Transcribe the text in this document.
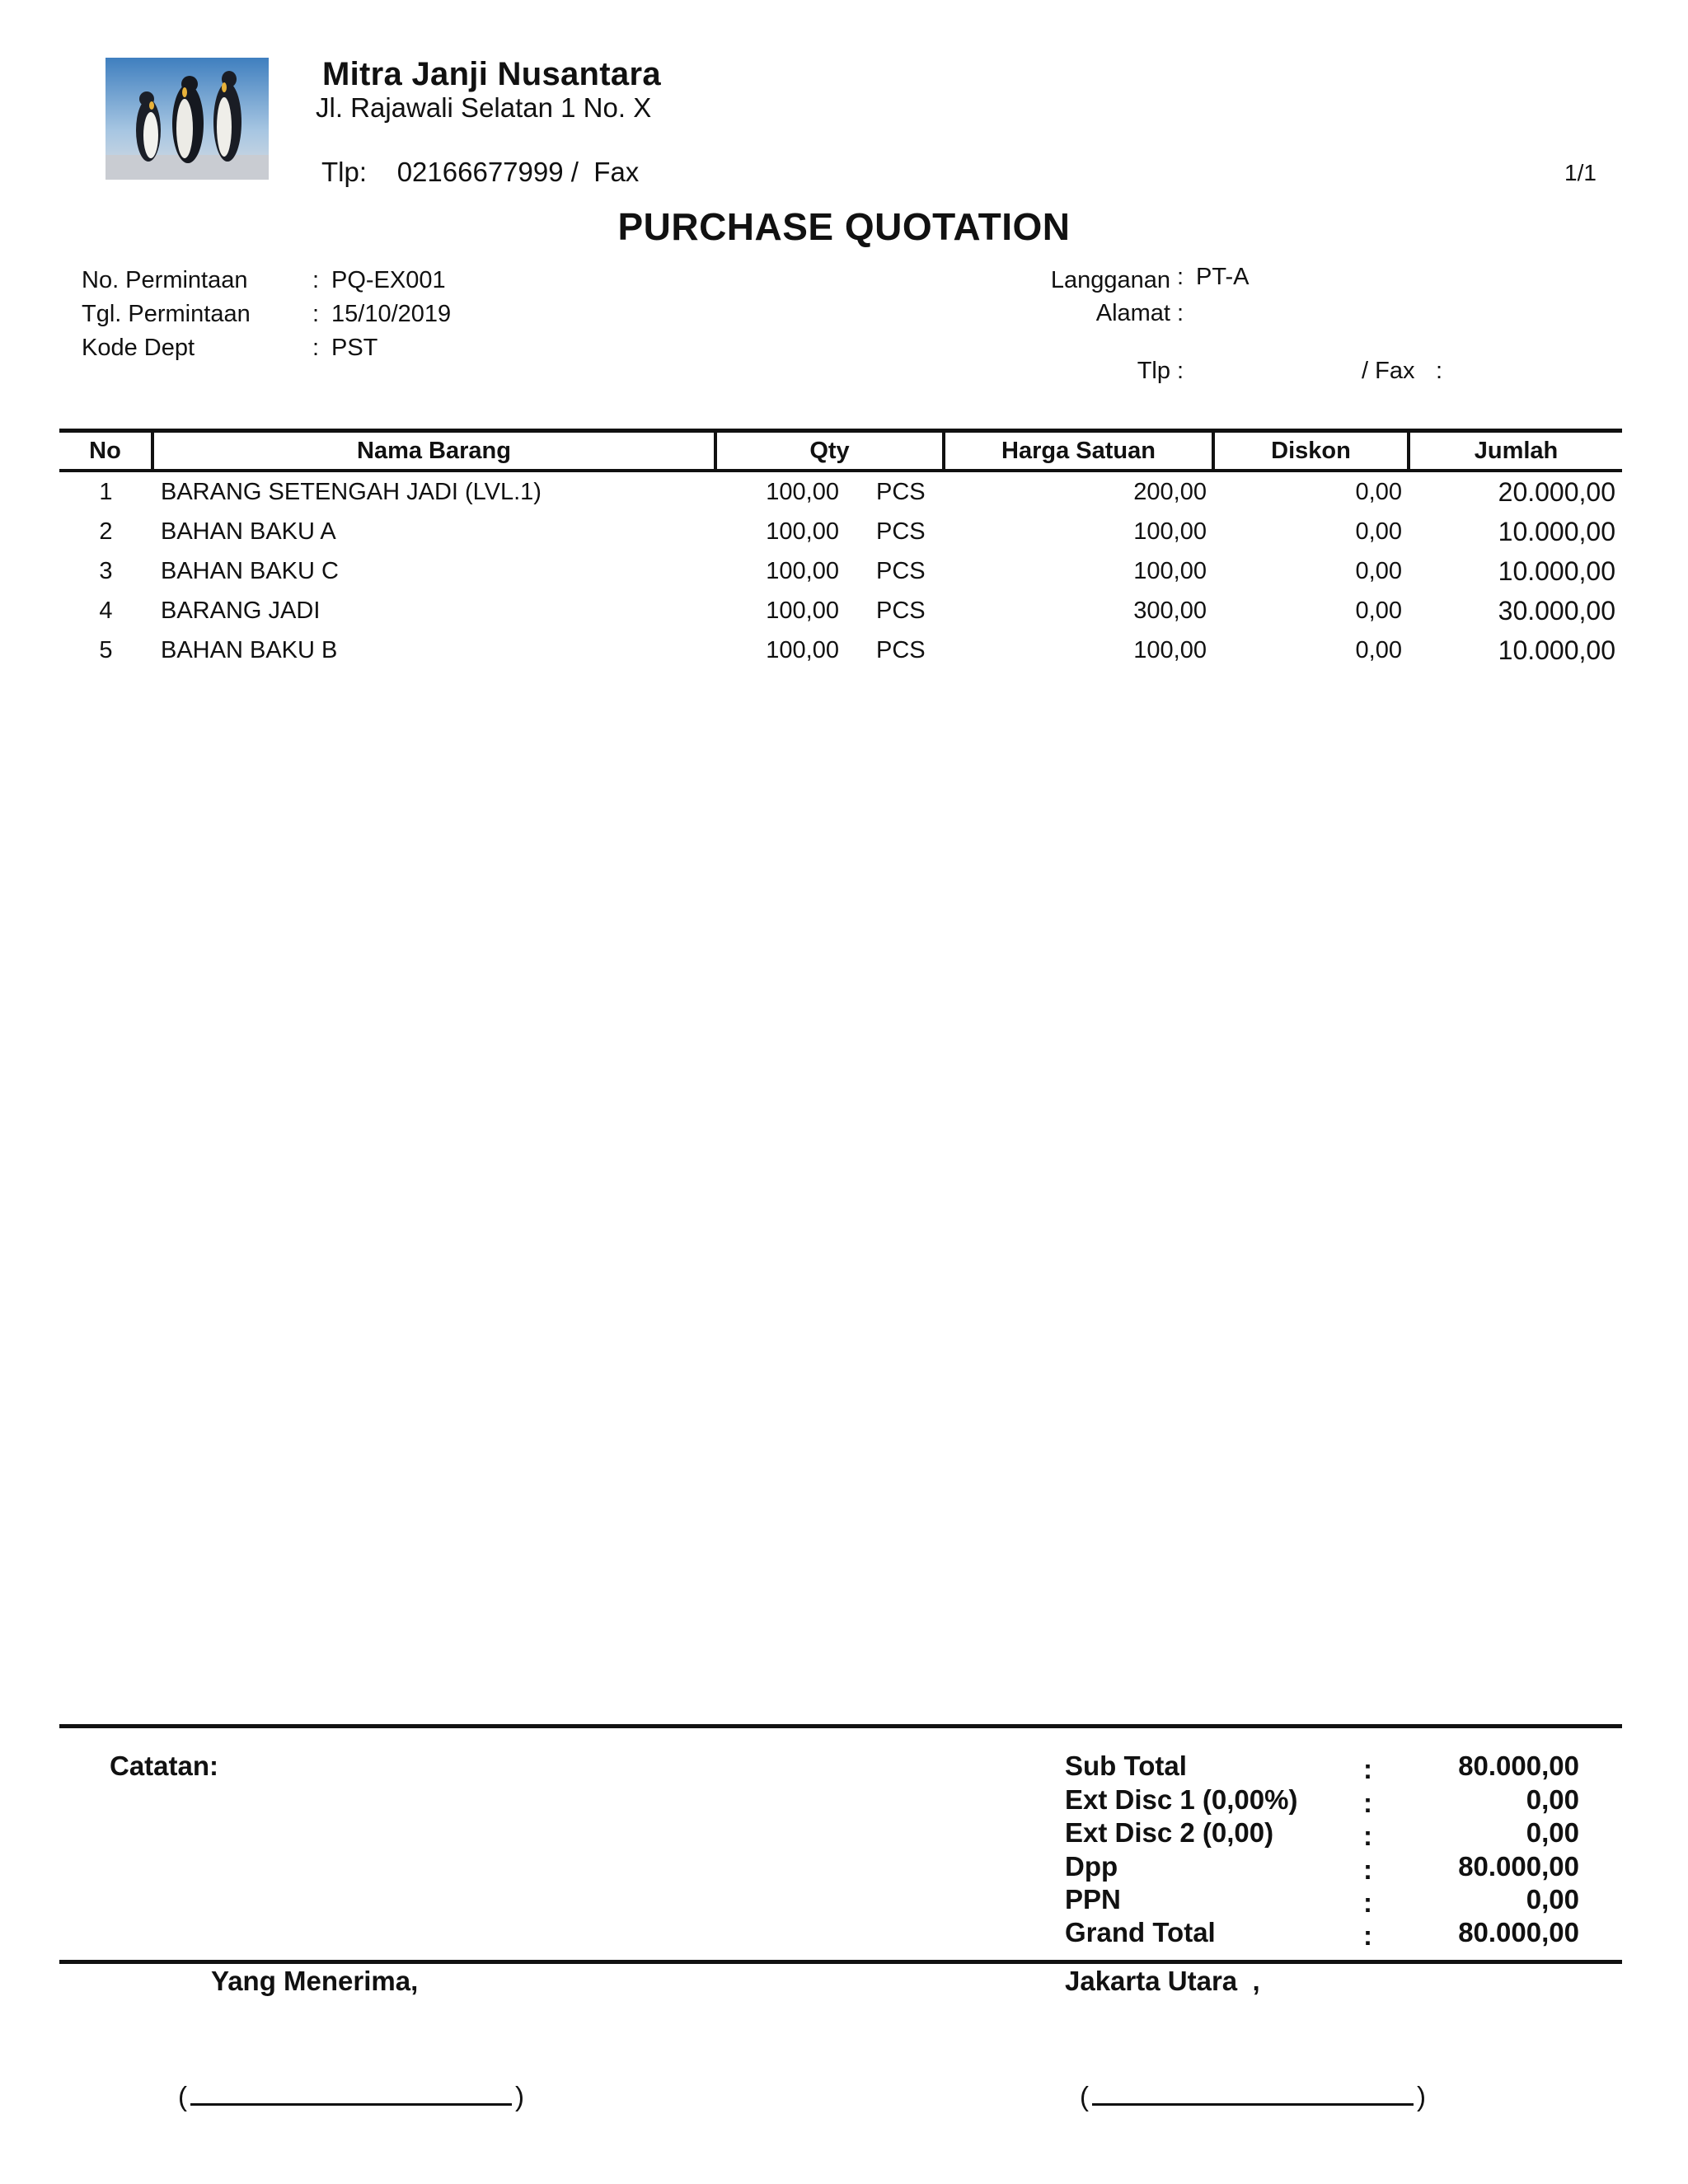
Mitra Janji Nusantara
Jl. Rajawali Selatan 1 No. X
Tlp: 02166677999 / Fax	1/1
PURCHASE QUOTATION
No. Permintaan	: PQ-EX001
Tgl. Permintaan	: 15/10/2019
Kode Dept	: PST
Langganan : PT-A
Alamat :
Tlp :	/ Fax :
No	Nama Barang	Qty	Harga Satuan	Diskon	Jumlah
1	BARANG SETENGAH JADI (LVL.1)	100,00 PCS	200,00	0,00	20.000,00
2	BAHAN BAKU A	100,00 PCS	100,00	0,00	10.000,00
3	BAHAN BAKU C	100,00 PCS	100,00	0,00	10.000,00
4	BARANG JADI	100,00 PCS	300,00	0,00	30.000,00
5	BAHAN BAKU B	100,00 PCS	100,00	0,00	10.000,00
Catatan:	Sub Total	:	80.000,00
Ext Disc 1 (0,00%) :	0,00
Ext Disc 2 (0,00)	:	0,00
Dpp	:	80.000,00
PPN	:	0,00
Grand Total	:	80.000,00
Yang Menerima,	Jakarta Utara  ,
(	)	(	)
